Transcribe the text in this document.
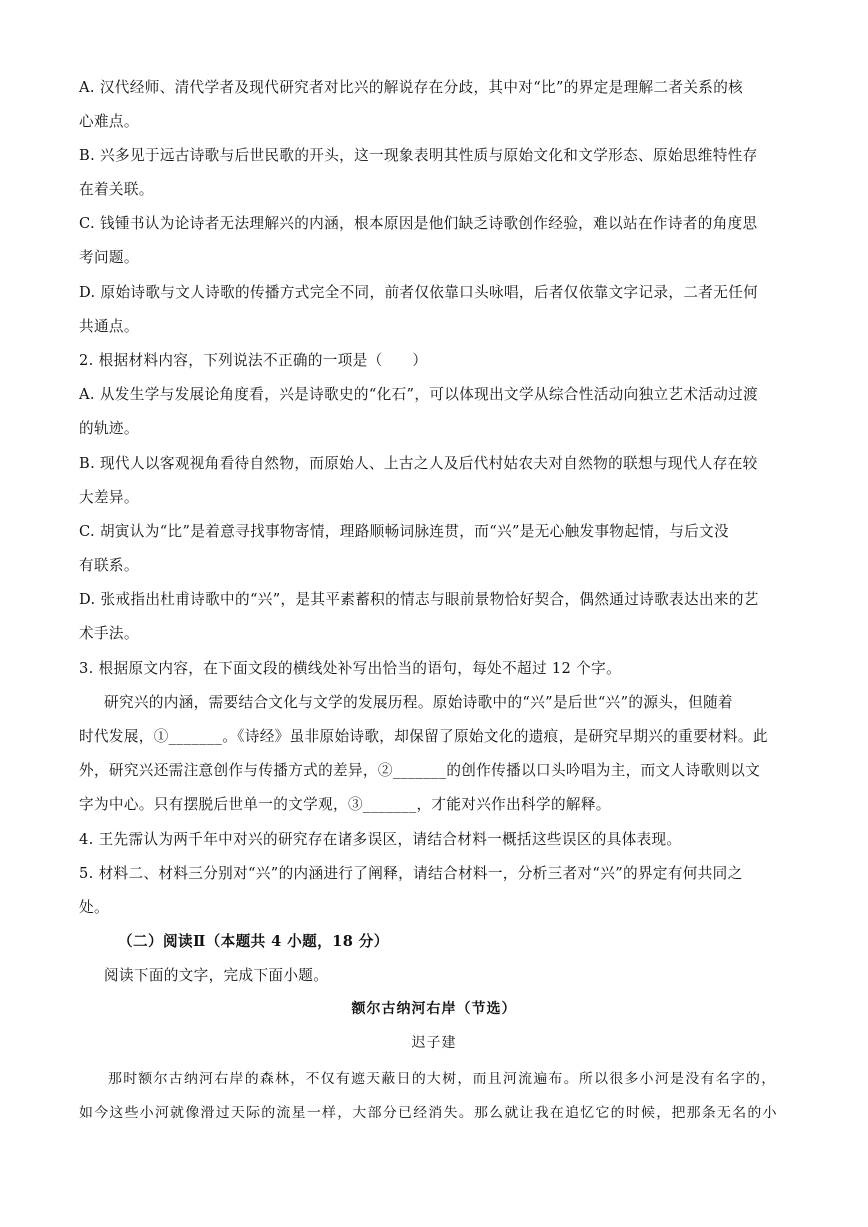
A. 汉代经师、清代学者及现代研究者对比兴的解说存在分歧，其中对“比”的界定是理解二者关系的核
心难点。
B. 兴多见于远古诗歌与后世民歌的开头，这一现象表明其性质与原始文化和文学形态、原始思维特性存
在着关联。
C. 钱锺书认为论诗者无法理解兴的内涵，根本原因是他们缺乏诗歌创作经验，难以站在作诗者的角度思
考问题。
D. 原始诗歌与文人诗歌的传播方式完全不同，前者仅依靠口头咏唱，后者仅依靠文字记录，二者无任何
共通点。
2. 根据材料内容，下列说法不正确的一项是（　　）
A. 从发生学与发展论角度看，兴是诗歌史的“化石”，可以体现出文学从综合性活动向独立艺术活动过渡
的轨迹。
B. 现代人以客观视角看待自然物，而原始人、上古之人及后代村姑农夫对自然物的联想与现代人存在较
大差异。
C. 胡寅认为“比”是着意寻找事物寄情，理路顺畅词脉连贯，而“兴”是无心触发事物起情，与后文没
有联系。
D. 张戒指出杜甫诗歌中的“兴”，是其平素蓄积的情志与眼前景物恰好契合，偶然通过诗歌表达出来的艺
术手法。
3. 根据原文内容，在下面文段的横线处补写出恰当的语句，每处不超过 12 个字。
研究兴的内涵，需要结合文化与文学的发展历程。原始诗歌中的“兴”是后世“兴”的源头，但随着
时代发展，①_______。《诗经》虽非原始诗歌，却保留了原始文化的遗痕，是研究早期兴的重要材料。此
外，研究兴还需注意创作与传播方式的差异，②_______的创作传播以口头吟唱为主，而文人诗歌则以文
字为中心。只有摆脱后世单一的文学观，③_______，才能对兴作出科学的解释。
4. 王先霈认为两千年中对兴的研究存在诸多误区，请结合材料一概括这些误区的具体表现。
5. 材料二、材料三分别对“兴”的内涵进行了阐释，请结合材料一，分析三者对“兴”的界定有何共同之
处。
（二）阅读Ⅱ（本题共 4 小题，18 分）
阅读下面的文字，完成下面小题。
额尔古纳河右岸（节选）
迟子建
那时额尔古纳河右岸的森林，不仅有遮天蔽日的大树，而且河流遍布。所以很多小河是没有名字的，
如今这些小河就像滑过天际的流星一样，大部分已经消失。那么就让我在追忆它的时候，把那条无名的小
